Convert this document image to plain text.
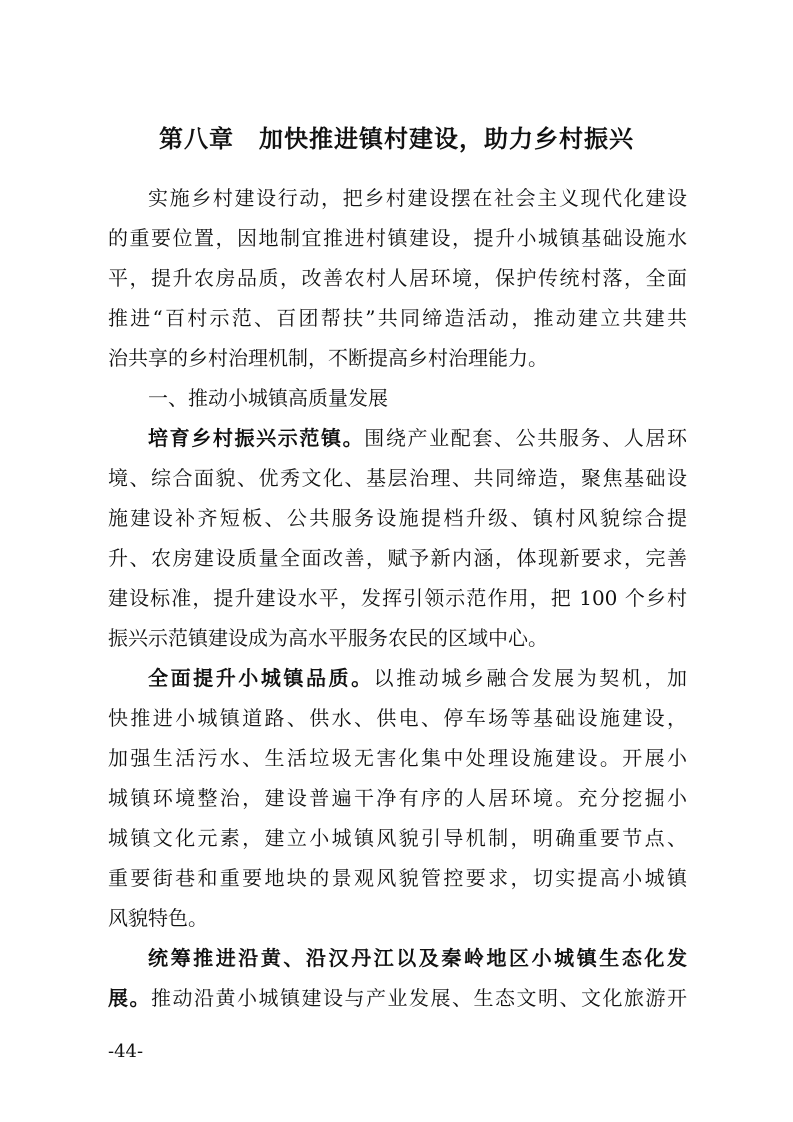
第八章　加快推进镇村建设，助力乡村振兴
实施乡村建设行动，把乡村建设摆在社会主义现代化建设
的重要位置，因地制宜推进村镇建设，提升小城镇基础设施水
平，提升农房品质，改善农村人居环境，保护传统村落，全面
推进“百村示范、百团帮扶”共同缔造活动，推动建立共建共
治共享的乡村治理机制，不断提高乡村治理能力。
一、推动小城镇高质量发展
培育乡村振兴示范镇。围绕产业配套、公共服务、人居环
境、综合面貌、优秀文化、基层治理、共同缔造，聚焦基础设
施建设补齐短板、公共服务设施提档升级、镇村风貌综合提
升、农房建设质量全面改善，赋予新内涵，体现新要求，完善
建设标准，提升建设水平，发挥引领示范作用，把 100 个乡村
振兴示范镇建设成为高水平服务农民的区域中心。
全面提升小城镇品质。以推动城乡融合发展为契机，加
快推进小城镇道路、供水、供电、停车场等基础设施建设，
加强生活污水、生活垃圾无害化集中处理设施建设。开展小
城镇环境整治，建设普遍干净有序的人居环境。充分挖掘小
城镇文化元素，建立小城镇风貌引导机制，明确重要节点、
重要街巷和重要地块的景观风貌管控要求，切实提高小城镇
风貌特色。
统筹推进沿黄、沿汉丹江以及秦岭地区小城镇生态化发
展。推动沿黄小城镇建设与产业发展、生态文明、文化旅游开
-44-
